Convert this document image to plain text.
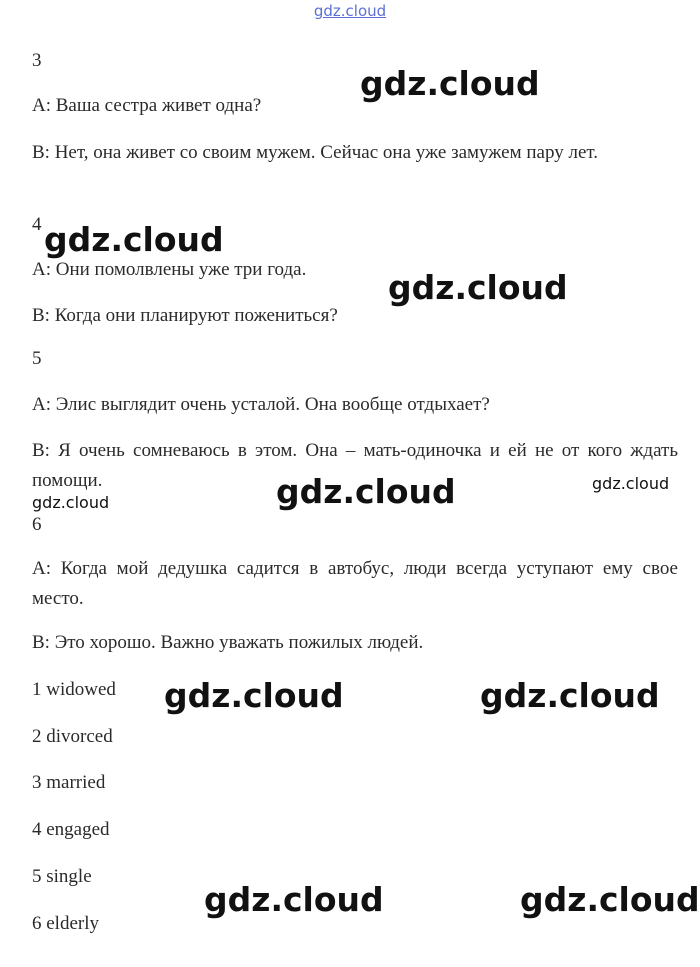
gdz.cloud
3
A: Ваша сестра живет одна?
B: Нет, она живет со своим мужем. Сейчас она уже замужем пару лет.
4
A: Они помолвлены уже три года.
B: Когда они планируют пожениться?
5
A: Элис выглядит очень усталой. Она вообще отдыхает?
B: Я очень сомневаюсь в этом. Она – мать-одиночка и ей не от кого ждать помощи.
6
A: Когда мой дедушка садится в автобус, люди всегда уступают ему свое место.
B: Это хорошо. Важно уважать пожилых людей.
1 widowed
2 divorced
3 married
4 engaged
5 single
6 elderly
gdz.cloud
gdz.cloud
gdz.cloud
gdz.cloud	gdz.cloud
gdz.cloud
gdz.cloud	gdz.cloud
gdz.cloud	gdz.cloud
